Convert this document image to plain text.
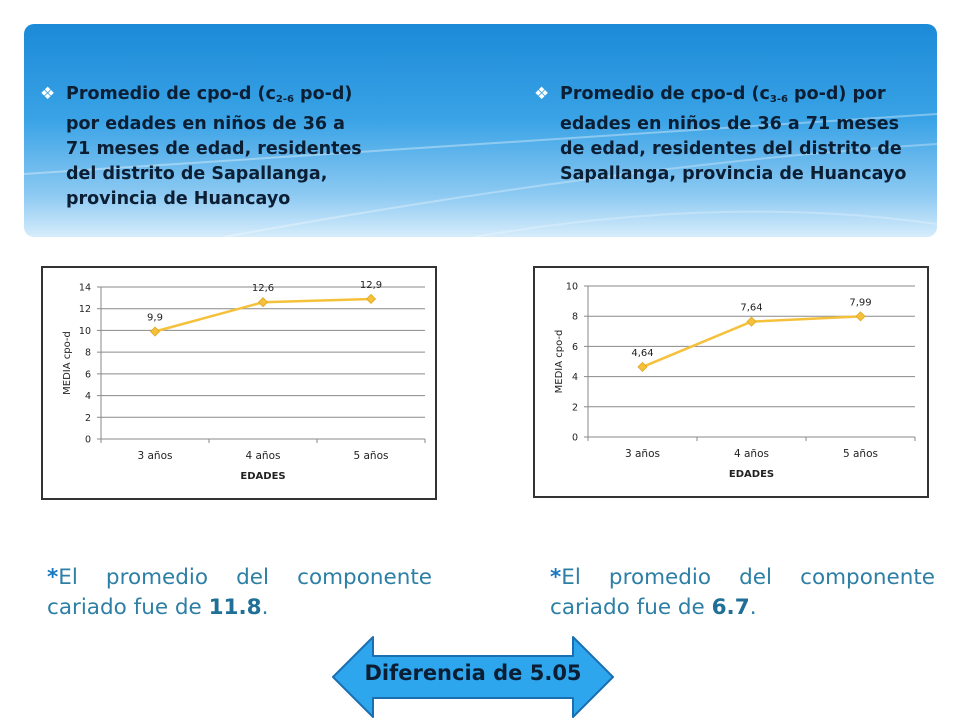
❖ Promedio de cpo-d ($c_{2-6}$ po-d) por edades en niños de 36 a 71 meses de edad, residentes del distrito de Sapallanga, provincia de Huancayo
❖ Promedio de cpo-d ($c_{3-6}$ po-d) por edades en niños de 36 a 71 meses de edad, residentes del distrito de Sapallanga, provincia de Huancayo
0
2
4
6
8
10
12
14
3 años	4 años	5 años
EDADES
MEDIA cpo-d
9,9
12,6	12,9
0
2
4
6
8
10
3 años	4 años	5 años
EDADES
MEDIA cpo-d	4,64
7,64	7,99
*El promedio del componente cariado fue de 11.8.
*El promedio del componente cariado fue de 6.7.
Diferencia de 5.05
